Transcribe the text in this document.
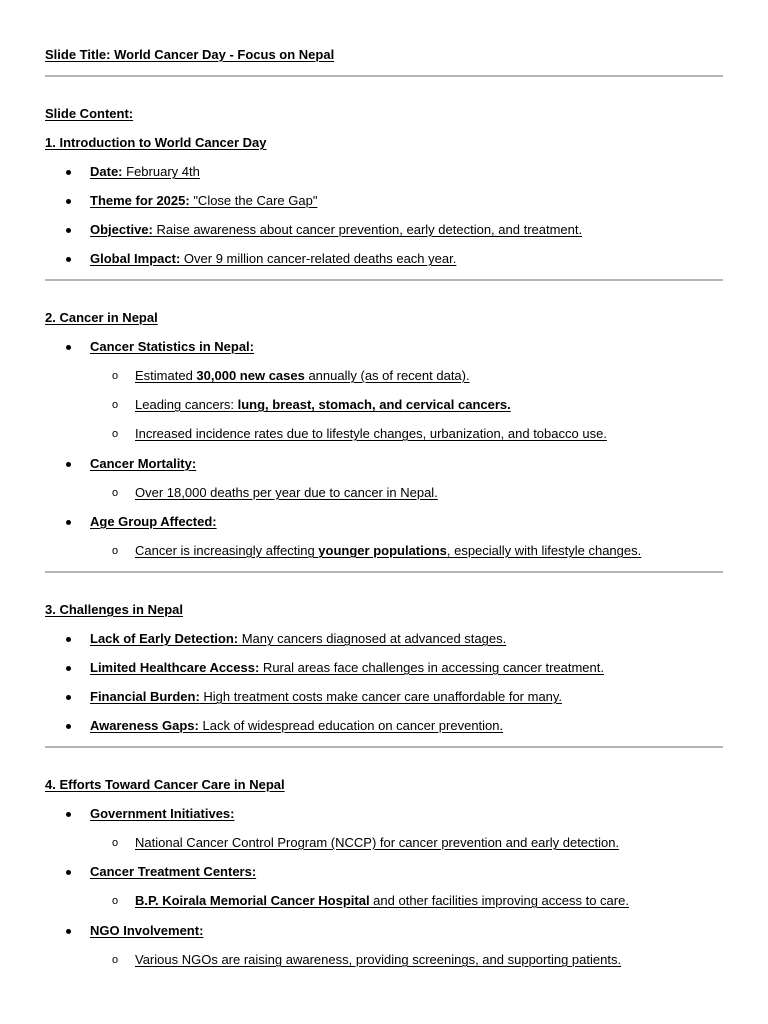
Slide Title: World Cancer Day - Focus on Nepal
Slide Content:
1. Introduction to World Cancer Day
Date: February 4th
Theme for 2025: "Close the Care Gap"
Objective: Raise awareness about cancer prevention, early detection, and treatment.
Global Impact: Over 9 million cancer-related deaths each year.
2. Cancer in Nepal
Cancer Statistics in Nepal:
o Estimated 30,000 new cases annually (as of recent data).
o Leading cancers: lung, breast, stomach, and cervical cancers.
o Increased incidence rates due to lifestyle changes, urbanization, and tobacco use.
Cancer Mortality:
o Over 18,000 deaths per year due to cancer in Nepal.
Age Group Affected:
o Cancer is increasingly affecting younger populations, especially with lifestyle changes.
3. Challenges in Nepal
Lack of Early Detection: Many cancers diagnosed at advanced stages.
Limited Healthcare Access: Rural areas face challenges in accessing cancer treatment.
Financial Burden: High treatment costs make cancer care unaffordable for many.
Awareness Gaps: Lack of widespread education on cancer prevention.
4. Efforts Toward Cancer Care in Nepal
Government Initiatives:
o National Cancer Control Program (NCCP) for cancer prevention and early detection.
Cancer Treatment Centers:
o B.P. Koirala Memorial Cancer Hospital and other facilities improving access to care.
NGO Involvement:
o Various NGOs are raising awareness, providing screenings, and supporting patients.
